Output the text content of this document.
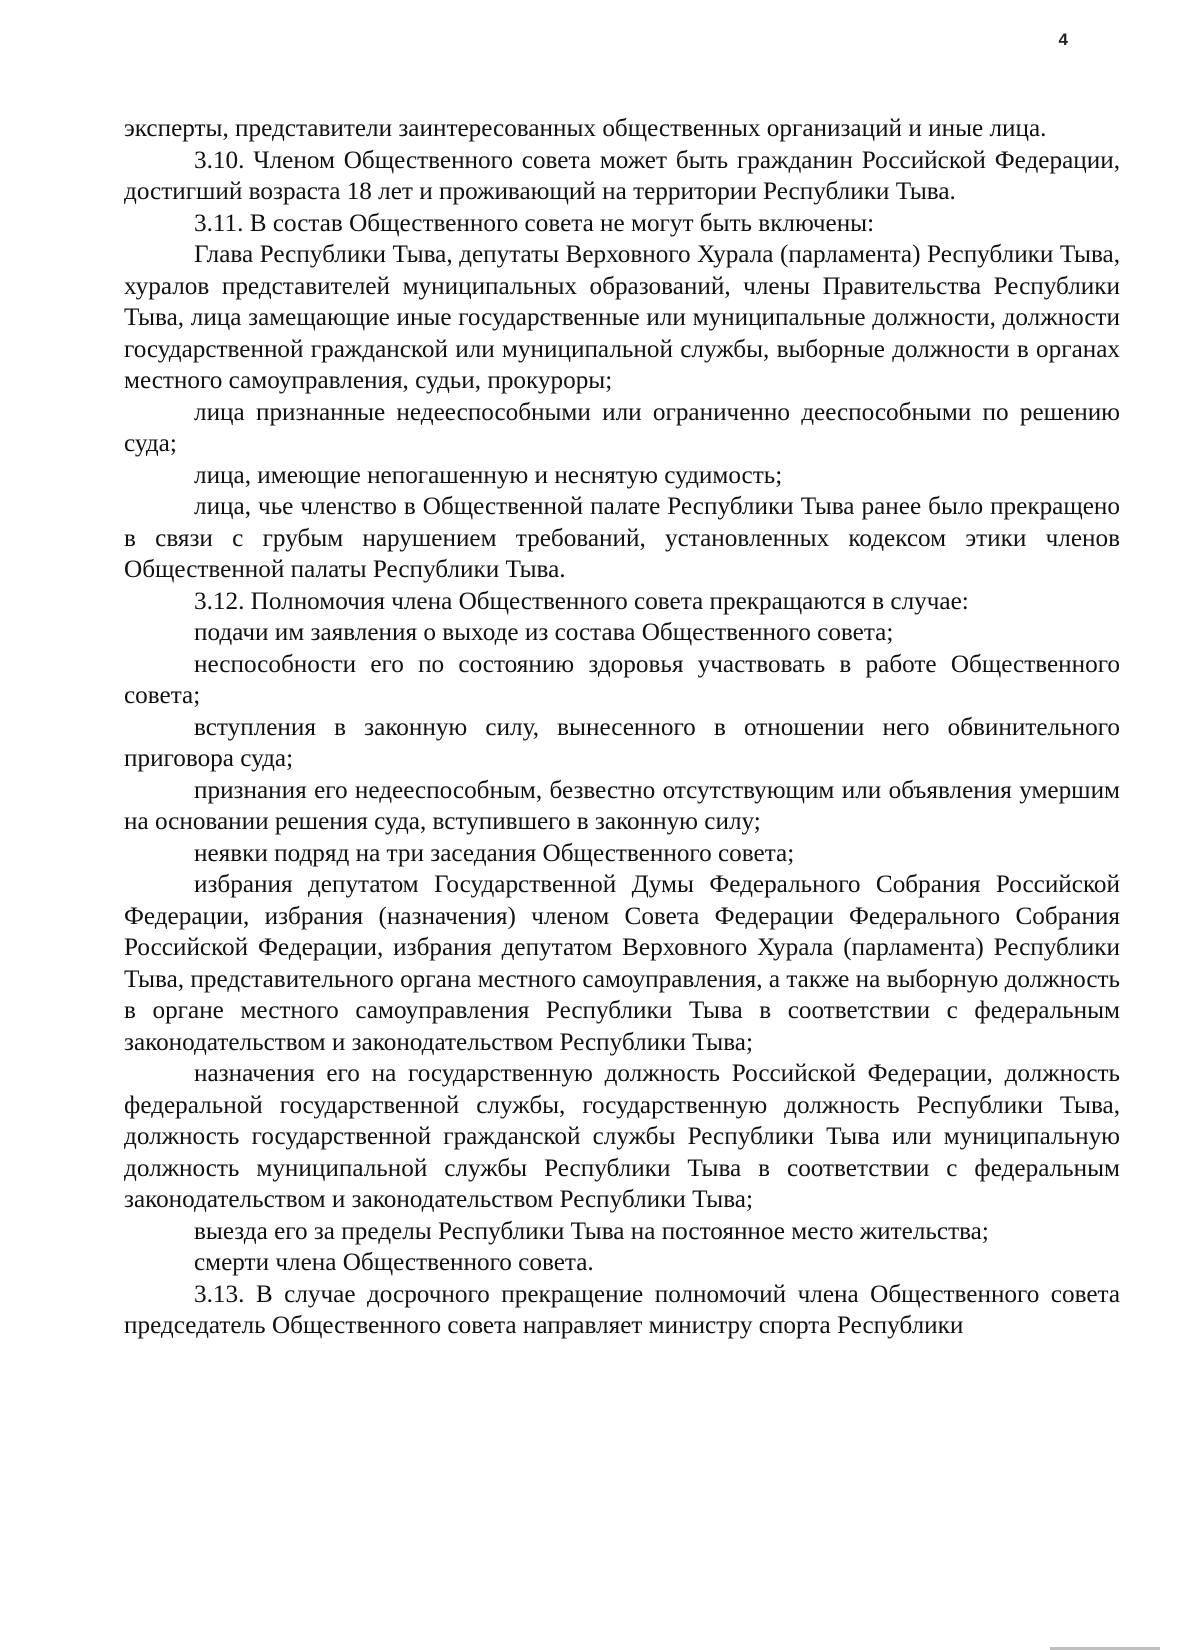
4

эксперты, представители заинтересованных общественных организаций и иные лица.

3.10. Членом Общественного совета может быть гражданин Российской Федерации, достигший возраста 18 лет и проживающий на территории Республики Тыва.

3.11. В состав Общественного совета не могут быть включены:

Глава Республики Тыва, депутаты Верховного Хурала (парламента) Республики Тыва, хуралов представителей муниципальных образований, члены Правительства Республики Тыва, лица замещающие иные государственные или муниципальные должности, должности государственной гражданской или муниципальной службы, выборные должности в органах местного самоуправления, судьи, прокуроры;

лица признанные недееспособными или ограниченно дееспособными по решению суда;

лица, имеющие непогашенную и неснятую судимость;

лица, чье членство в Общественной палате Республики Тыва ранее было прекращено в связи с грубым нарушением требований, установленных кодексом этики членов Общественной палаты Республики Тыва.

3.12. Полномочия члена Общественного совета прекращаются в случае:

подачи им заявления о выходе из состава Общественного совета;

неспособности его по состоянию здоровья участвовать в работе Общественного совета;

вступления в законную силу, вынесенного в отношении него обвинительного приговора суда;

признания его недееспособным, безвестно отсутствующим или объявления умершим на основании решения суда, вступившего в законную силу;

неявки подряд на три заседания Общественного совета;

избрания депутатом Государственной Думы Федерального Собрания Российской Федерации, избрания (назначения) членом Совета Федерации Федерального Собрания Российской Федерации, избрания депутатом Верховного Хурала (парламента) Республики Тыва, представительного органа местного самоуправления, а также на выборную должность в органе местного самоуправления Республики Тыва в соответствии с федеральным законодательством и законодательством Республики Тыва;

назначения его на государственную должность Российской Федерации, должность федеральной государственной службы, государственную должность Республики Тыва, должность государственной гражданской службы Республики Тыва или муниципальную должность муниципальной службы Республики Тыва в соответствии с федеральным законодательством и законодательством Республики Тыва;

выезда его за пределы Республики Тыва на постоянное место жительства;

смерти члена Общественного совета.

3.13. В случае досрочного прекращение полномочий члена Общественного совета председатель Общественного совета направляет министру спорта Республики
